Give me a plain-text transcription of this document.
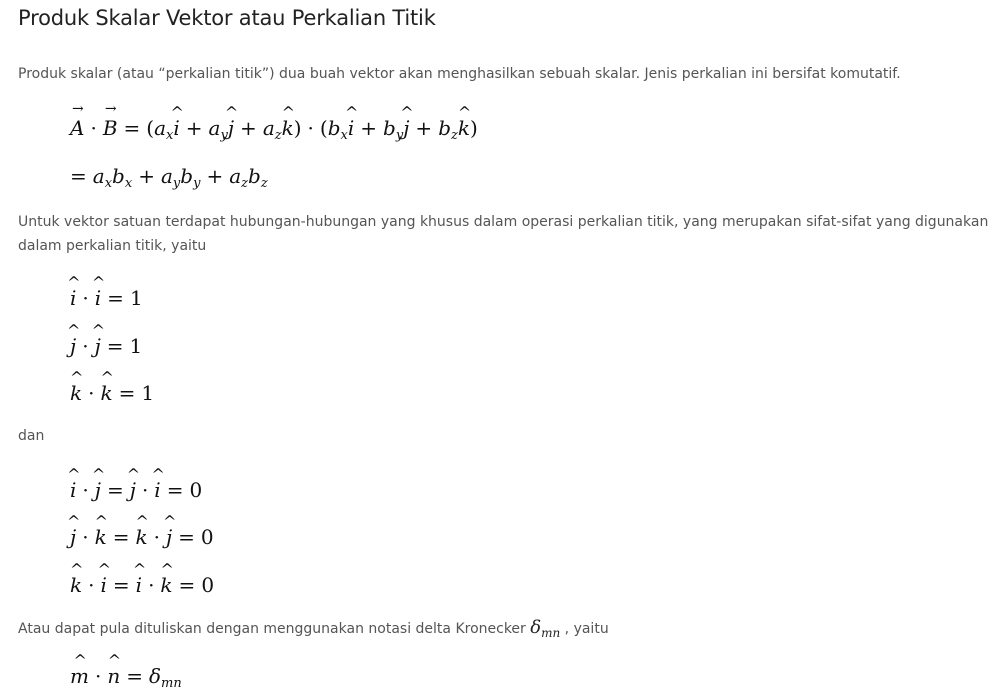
Produk Skalar Vektor atau Perkalian Titik
Produk skalar (atau “perkalian titik”) dua buah vektor akan menghasilkan sebuah skalar. Jenis perkalian ini bersifat komutatif.
A → · B → = ($a_xi$ ^ + $a_yj$ ^ + $a_zk$ ^) · ($b_xi$ ^ + $b_yj$ ^ + $b_zk$ ^)
= $a_xb_x + a_yb_y + a_zb_z$
Untuk vektor satuan terdapat hubungan-hubungan yang khusus dalam operasi perkalian titik, yang merupakan sifat-sifat yang digunakan dalam perkalian titik, yaitu
i ^ · i ^ = 1
j ^ · j ^ = 1
k ^ · k ^ = 1
dan
i ^ · j ^ = j ^ · i ^ = 0
j ^ · k ^ = k ^ · j ^ = 0
k ^ · i ^ = i ^ · k ^ = 0
Atau dapat pula dituliskan dengan menggunakan notasi delta Kronecker $\delta_{mn}$ , yaitu
m ^ · n ^ = $\delta_{mn}$
